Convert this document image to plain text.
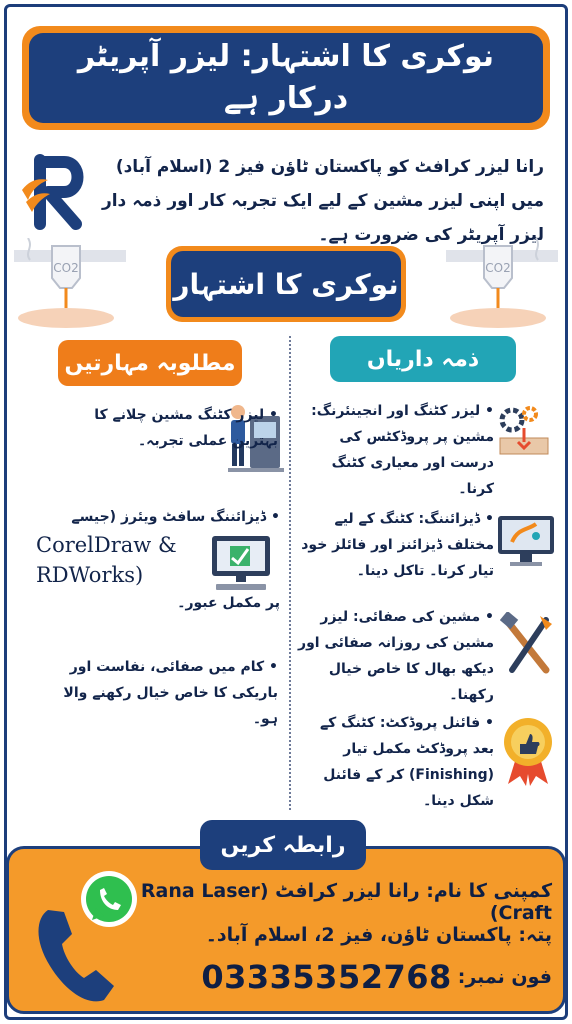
نوکری کا اشتہار: لیزر آپریٹر درکار ہے
رانا لیزر کرافٹ کو پاکستان ٹاؤن فیز 2 (اسلام آباد) میں اپنی لیزر مشین کے لیے ایک تجربہ کار اور ذمہ دار لیزر آپریٹر کی ضرورت ہے۔
CO2	CO2
نوکری کا اشتہار
مطلوبہ مہارتیں	ذمہ داریاں
• لیزر کٹنگ مشین چلانے کا بہترین عملی تجربہ۔
• ڈیزائننگ سافٹ ویئرز (جیسے
CorelDraw &
RDWorks)
پر مکمل عبور۔
• کام میں صفائی، نفاست اور باریکی کا خاص خیال رکھنے والا ہو۔
• لیزر کٹنگ اور انجینئرنگ: مشین پر پروڈکٹس کی درست اور معیاری کٹنگ کرنا۔
• ڈیزائننگ: کٹنگ کے لیے مختلف ڈیزائنز اور فائلز خود تیار کرنا۔ تاکل دینا۔
• مشین کی صفائی: لیزر مشین کی روزانہ صفائی اور دیکھ بھال کا خاص خیال رکھنا۔
• فائنل پروڈکٹ: کٹنگ کے بعد پروڈکٹ مکمل تیار (Finishing) کر کے فائنل شکل دینا۔
رابطہ کریں
کمپنی کا نام: رانا لیزر کرافٹ (Rana Laser Craft)
پتہ: پاکستان ٹاؤن، فیز 2، اسلام آباد۔
فون نمبر:
03335352768
